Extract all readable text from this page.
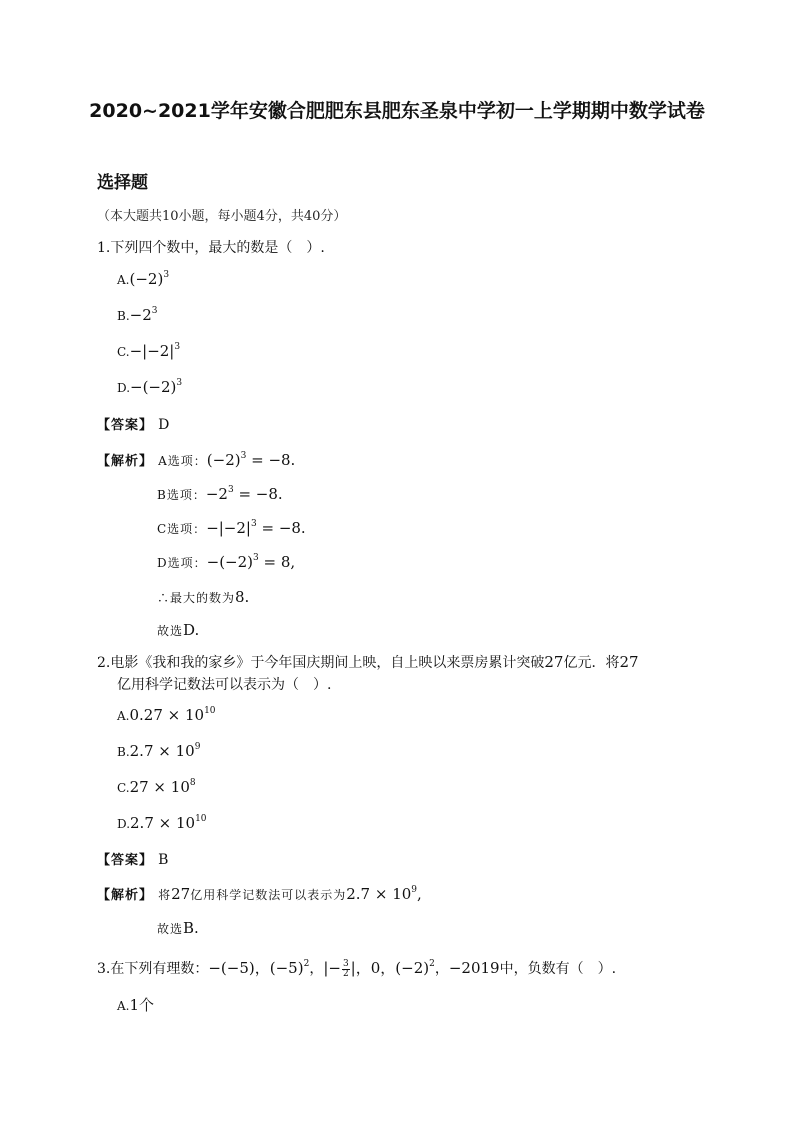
2020~2021学年安徽合肥肥东县肥东圣泉中学初一上学期期中数学试卷
选择题
（本大题共10小题，每小题4分，共40分）
1.下列四个数中，最大的数是（　）.
$A.(-2)^3$
$B.-2^3$
$C.-|-2|^3$
$D.-(-2)^3$
【答案】 D
【解析】 A选项：$(-2)^3 = -8$.
B选项：$-2^3 = -8$.
C选项：$-|-2|^3 = -8$.
D选项：$-(-2)^3 = 8$,
∴最大的数为8.
故选D.
2.电影《我和我的家乡》于今年国庆期间上映，自上映以来票房累计突破27亿元．将27
亿用科学记数法可以表示为（　）.
$A.0.27 \times 10^{10}$
$B.2.7 \times 10^9$
$C.27 \times 10^8$
$D.2.7 \times 10^{10}$
【答案】 B
【解析】 将27亿用科学记数法可以表示为$2.7 \times 10^9$,
故选B.
3.在下列有理数：−(−5)，$(-5)^2$，|− $\frac{3}{2}$ |，0，$(-2)^2$，−2019中，负数有（　）.
A.1个
